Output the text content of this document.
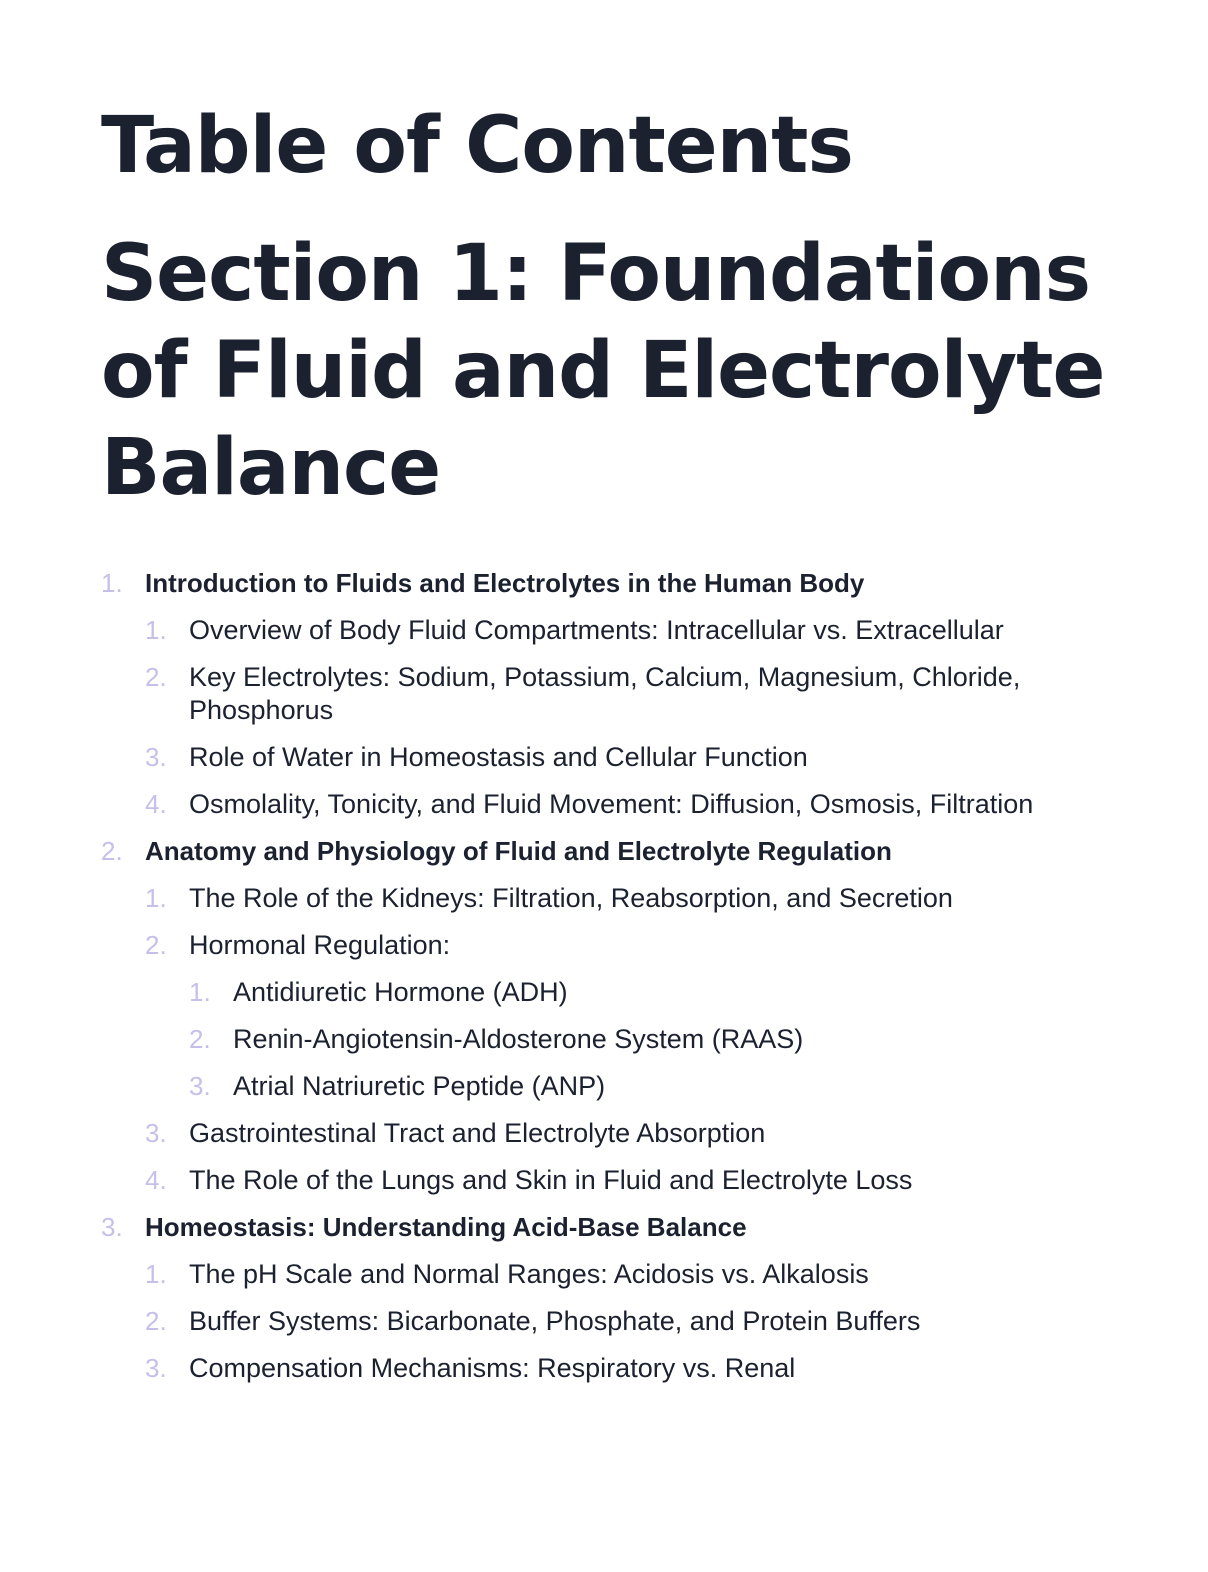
Table of Contents
Section 1: Foundations of Fluid and Electrolyte Balance
1. Introduction to Fluids and Electrolytes in the Human Body
1. Overview of Body Fluid Compartments: Intracellular vs. Extracellular
2. Key Electrolytes: Sodium, Potassium, Calcium, Magnesium, Chloride, Phosphorus
3. Role of Water in Homeostasis and Cellular Function
4. Osmolality, Tonicity, and Fluid Movement: Diffusion, Osmosis, Filtration
2. Anatomy and Physiology of Fluid and Electrolyte Regulation
1. The Role of the Kidneys: Filtration, Reabsorption, and Secretion
2. Hormonal Regulation:
1. Antidiuretic Hormone (ADH)
2. Renin-Angiotensin-Aldosterone System (RAAS)
3. Atrial Natriuretic Peptide (ANP)
3. Gastrointestinal Tract and Electrolyte Absorption
4. The Role of the Lungs and Skin in Fluid and Electrolyte Loss
3. Homeostasis: Understanding Acid-Base Balance
1. The pH Scale and Normal Ranges: Acidosis vs. Alkalosis
2. Buffer Systems: Bicarbonate, Phosphate, and Protein Buffers
3. Compensation Mechanisms: Respiratory vs. Renal
